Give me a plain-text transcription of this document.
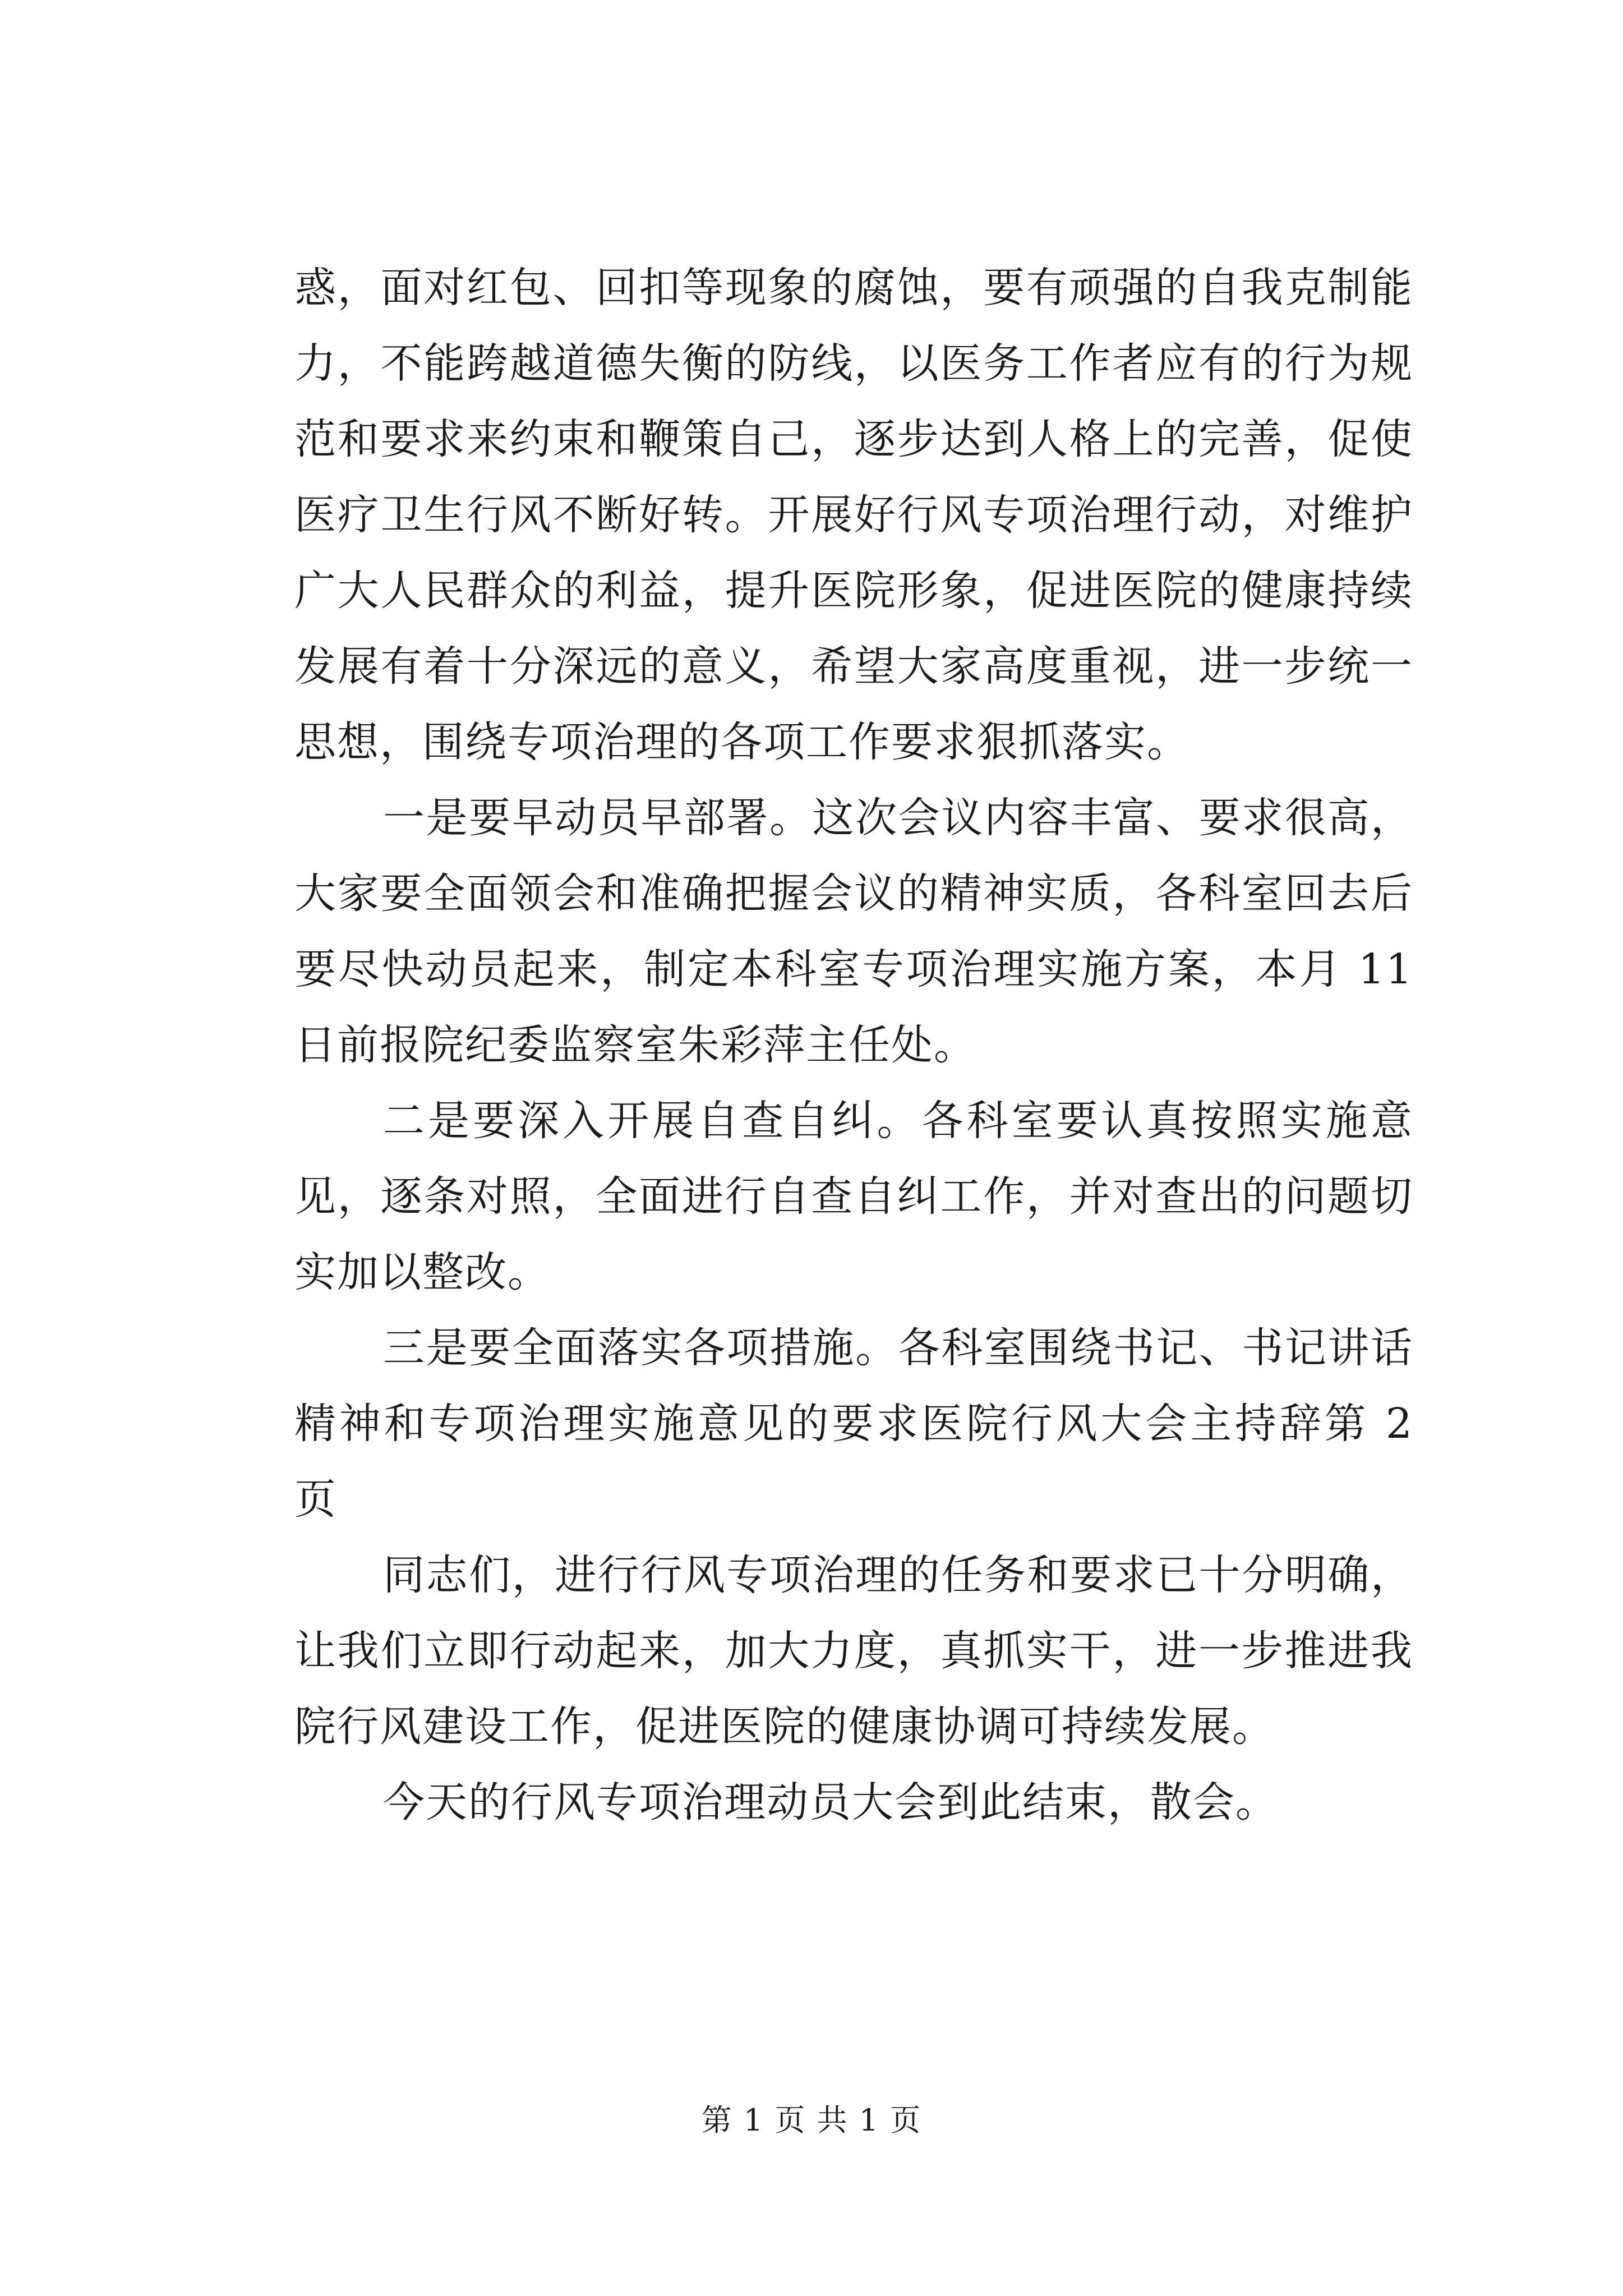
惑，面对红包、回扣等现象的腐蚀，要有顽强的自我克制能力，不能跨越道德失衡的防线，以医务工作者应有的行为规范和要求来约束和鞭策自己，逐步达到人格上的完善，促使医疗卫生行风不断好转。开展好行风专项治理行动，对维护广大人民群众的利益，提升医院形象，促进医院的健康持续发展有着十分深远的意义，希望大家高度重视，进一步统一思想，围绕专项治理的各项工作要求狠抓落实。

一是要早动员早部署。这次会议内容丰富、要求很高，大家要全面领会和准确把握会议的精神实质，各科室回去后要尽快动员起来，制定本科室专项治理实施方案，本月 11 日前报院纪委监察室朱彩萍主任处。

二是要深入开展自查自纠。各科室要认真按照实施意见，逐条对照，全面进行自查自纠工作，并对查出的问题切实加以整改。

三是要全面落实各项措施。各科室围绕书记、书记讲话精神和专项治理实施意见的要求医院行风大会主持辞第 2 页

同志们，进行行风专项治理的任务和要求已十分明确，让我们立即行动起来，加大力度，真抓实干，进一步推进我院行风建设工作，促进医院的健康协调可持续发展。

今天的行风专项治理动员大会到此结束，散会。

第 1 页 共 1 页
